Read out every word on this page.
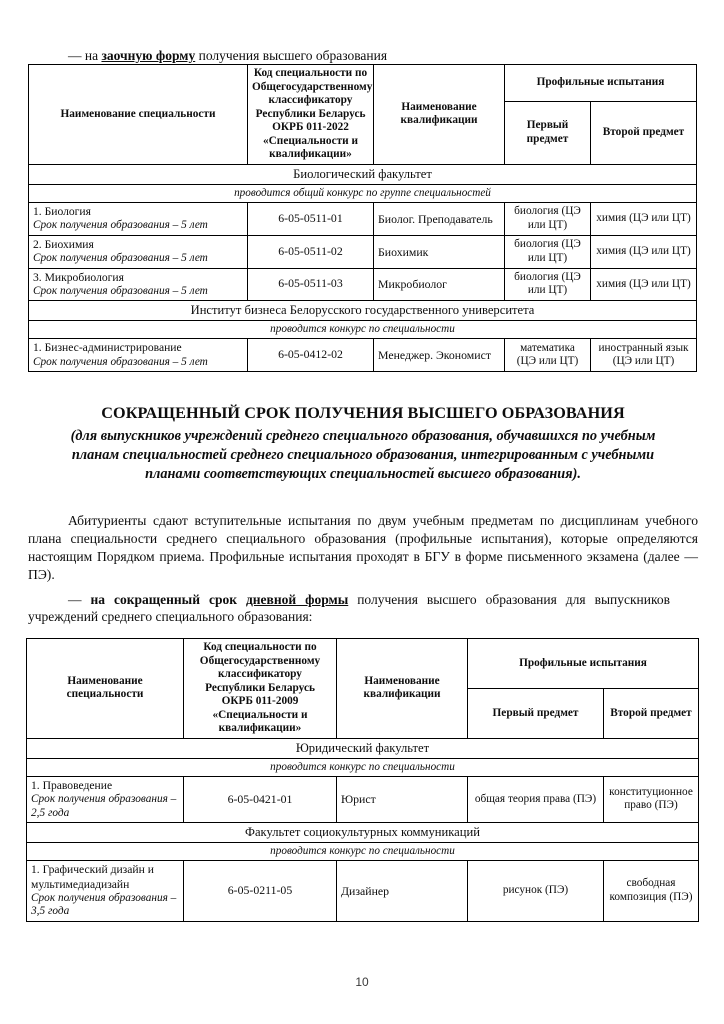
— на заочную форму получения высшего образования

Наименование специальности	Код специальности по Общегосударственному классификатору Республики Беларусь ОКРБ 011-2022 «Специальности и квалификации»	Наименование квалификации	Профильные испытания	
			Первый предмет	Второй предмет
Биологический факультет				
проводится общий конкурс по группе специальностей				

1. Биология
Срок получения образования – 5 лет	6-05-0511-01	Биолог. Преподаватель	биология (ЦЭ или ЦТ)	химия (ЦЭ или ЦТ)

2. Биохимия
Срок получения образования – 5 лет	6-05-0511-02	Биохимик	биология (ЦЭ или ЦТ)	химия (ЦЭ или ЦТ)

3. Микробиология
Срок получения образования – 5 лет	6-05-0511-03	Микробиолог	биология (ЦЭ или ЦТ)	химия (ЦЭ или ЦТ)
Институт бизнеса Белорусского государственного университета				
проводится конкурс по специальности				

1. Бизнес-администрирование
Срок получения образования – 5 лет	6-05-0412-02	Менеджер. Экономист	математика (ЦЭ или ЦТ)	иностранный язык (ЦЭ или ЦТ)
СОКРАЩЕННЫЙ СРОК ПОЛУЧЕНИЯ ВЫСШЕГО ОБРАЗОВАНИЯ
(для выпускников учреждений среднего специального образования, обучавшихся по учебным планам специальностей среднего специального образования, интегрированным с учебными планами соответствующих специальностей высшего образования).
Абитуриенты сдают вступительные испытания по двум учебным предметам по дисциплинам учебного плана специальности среднего специального образования (профильные испытания), которые определяются настоящим Порядком приема. Профильные испытания проходят в БГУ в форме письменного экзамена (далее — ПЭ).

— на сокращенный срок дневной формы получения высшего образования для выпускников учреждений среднего специального образования:

Наименование специальности	Код специальности по Общегосударственному классификатору Республики Беларусь ОКРБ 011-2009 «Специальности и квалификации»	Наименование квалификации	Профильные испытания	
			Первый предмет	Второй предмет
Юридический факультет				
проводится конкурс по специальности				

1. Правоведение
Срок получения образования – 2,5 года	6-05-0421-01	Юрист	общая теория права (ПЭ)	конституционное право (ПЭ)
Факультет социокультурных коммуникаций				
проводится конкурс по специальности				

1. Графический дизайн и мультимедиадизайн
Срок получения образования – 3,5 года	6-05-0211-05	Дизайнер	рисунок (ПЭ)	свободная композиция (ПЭ)
10
